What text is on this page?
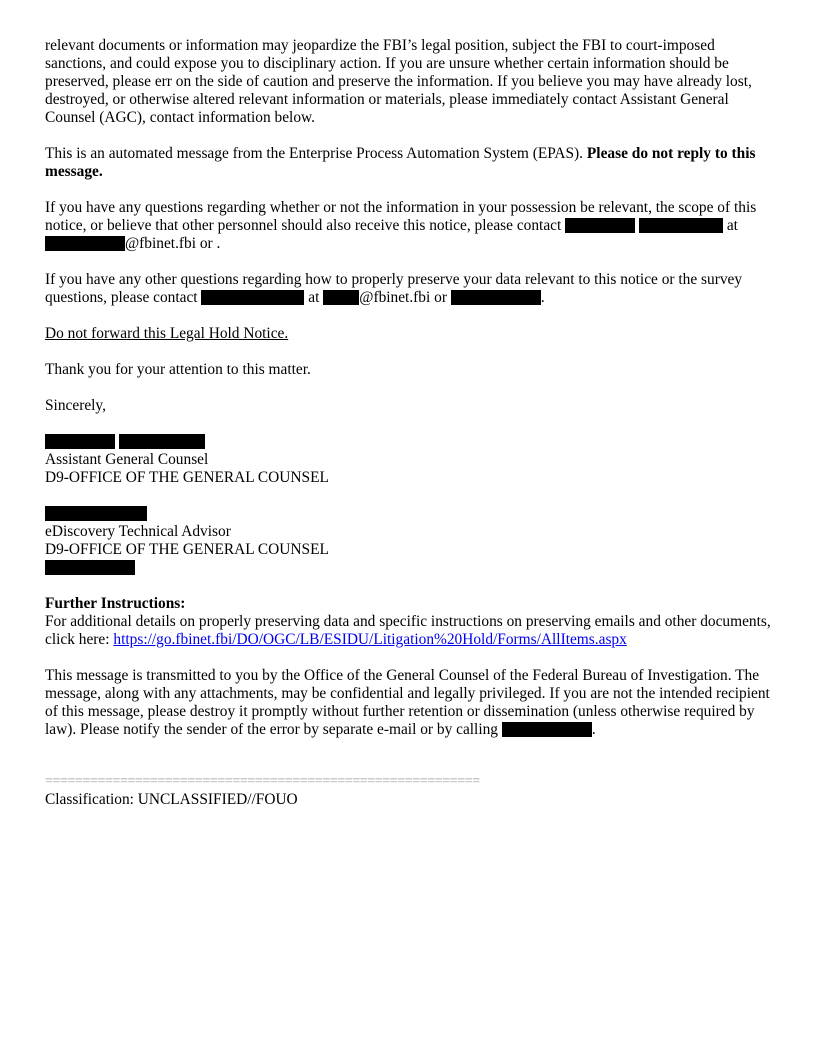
relevant documents or information may jeopardize the FBI’s legal position, subject the FBI to court-imposed sanctions, and could expose you to disciplinary action. If you are unsure whether certain information should be preserved, please err on the side of caution and preserve the information. If you believe you may have already lost, destroyed, or otherwise altered relevant information or materials, please immediately contact Assistant General Counsel (AGC), contact information below.

This is an automated message from the Enterprise Process Automation System (EPAS). Please do not reply to this message.

If you have any questions regarding whether or not the information in your possession be relevant, the scope of this notice, or believe that other personnel should also receive this notice, please contact	at @fbinet.fbi or .

If you have any other questions regarding how to properly preserve your data relevant to this notice or the survey questions, please contact	at	@fbinet.fbi or	.

Do not forward this Legal Hold Notice.

Thank you for your attention to this matter.

Sincerely,

Assistant General Counsel
D9-OFFICE OF THE GENERAL COUNSEL
eDiscovery Technical Advisor
D9-OFFICE OF THE GENERAL COUNSEL

Further Instructions:
For additional details on properly preserving data and specific instructions on preserving emails and other documents, click here: https://go.fbinet.fbi/DO/OGC/LB/ESIDU/Litigation%20Hold/Forms/AllItems.aspx

This message is transmitted to you by the Office of the General Counsel of the Federal Bureau of Investigation. The message, along with any attachments, may be confidential and legally privileged. If you are not the intended recipient of this message, please destroy it promptly without further retention or dissemination (unless otherwise required by law). Please notify the sender of the error by separate e-mail or by calling	.

==========================================================
Classification: UNCLASSIFIED//FOUO
